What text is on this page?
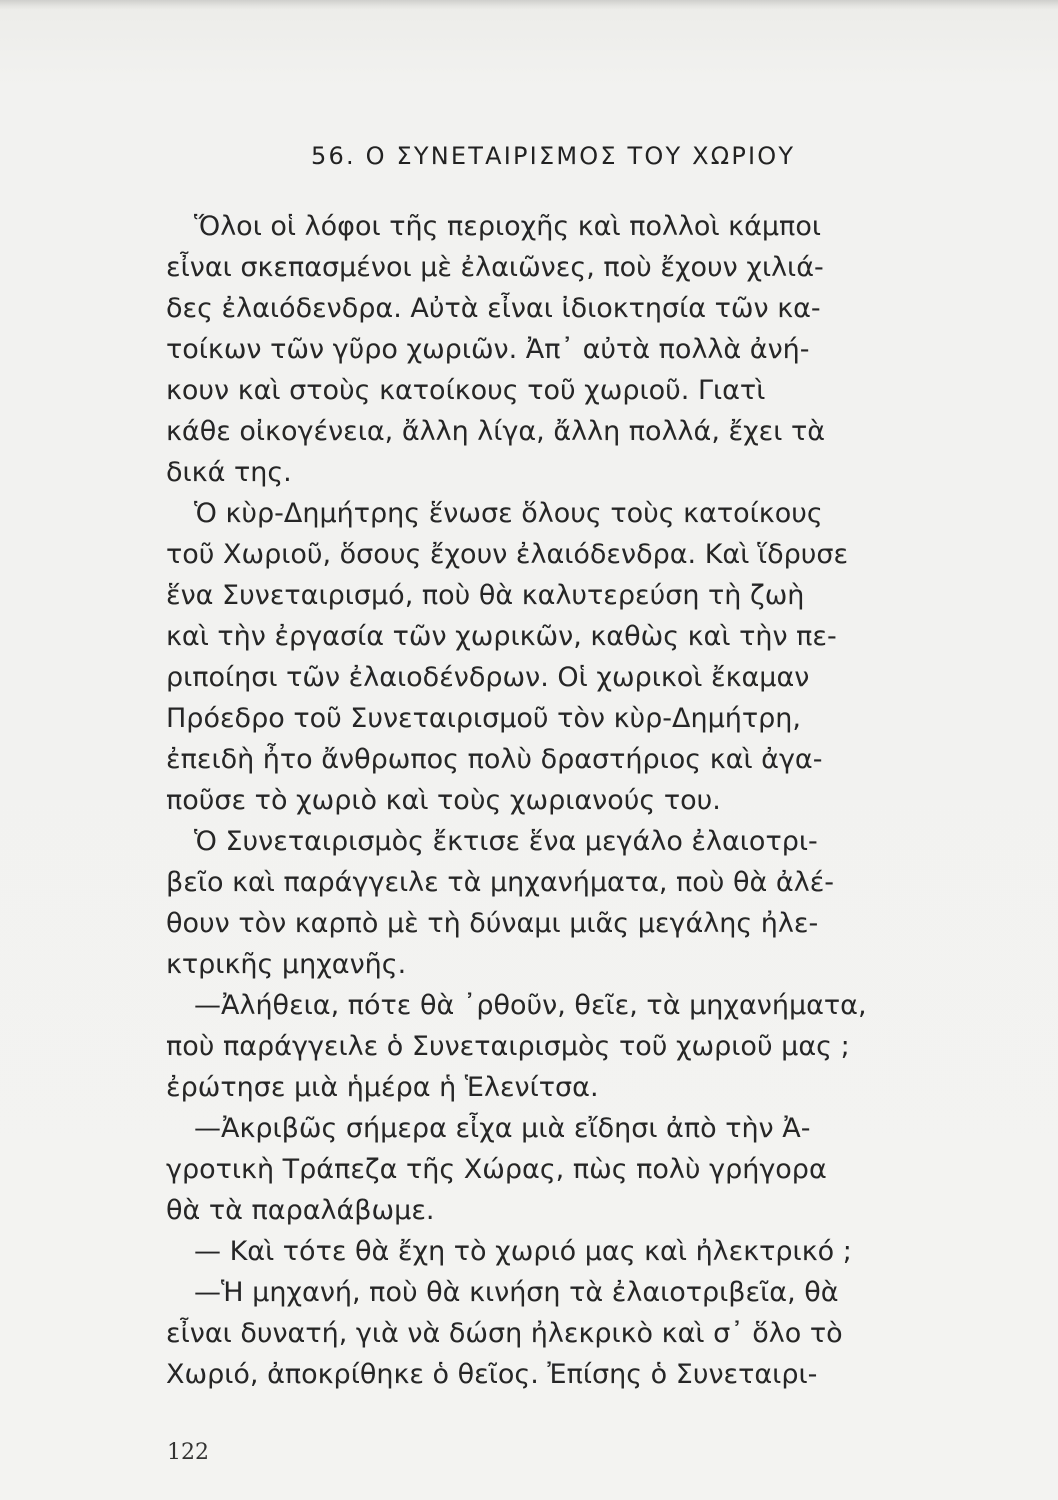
56. Ο ΣΥΝΕΤΑΙΡΙΣΜΟΣ ΤΟΥ ΧΩΡΙΟΥ
Ὅλοι οἱ λόφοι τῆς περιοχῆς καὶ πολλοὶ κάμποι
εἶναι σκεπασμένοι μὲ ἐλαιῶνες, ποὺ ἔχουν χιλιά-
δες ἐλαιόδενδρα. Αὐτὰ εἶναι ἰδιοκτησία τῶν κα-
τοίκων τῶν γῦρο χωριῶν. Ἀπ᾿ αὐτὰ πολλὰ ἀνή-
κουν καὶ στοὺς κατοίκους τοῦ χωριοῦ. Γιατὶ
κάθε οἰκογένεια, ἄλλη λίγα, ἄλλη πολλά, ἔχει τὰ
δικά της.
Ὁ κὺρ-Δημήτρης ἕνωσε ὅλους τοὺς κατοίκους
τοῦ Χωριοῦ, ὅσους ἔχουν ἐλαιόδενδρα. Καὶ ἵδρυσε
ἕνα Συνεταιρισμό, ποὺ θὰ καλυτερεύση τὴ ζωὴ
καὶ τὴν ἐργασία τῶν χωρικῶν, καθὼς καὶ τὴν πε-
ριποίησι τῶν ἐλαιοδένδρων. Οἱ χωρικοὶ ἔκαμαν
Πρόεδρο τοῦ Συνεταιρισμοῦ τὸν κὺρ-Δημήτρη,
ἐπειδὴ ἦτο ἄνθρωπος πολὺ δραστήριος καὶ ἀγα-
ποῦσε τὸ χωριὸ καὶ τοὺς χωριανούς του.
Ὁ Συνεταιρισμὸς ἔκτισε ἕνα μεγάλο ἐλαιοτρι-
βεῖο καὶ παράγγειλε τὰ μηχανήματα, ποὺ θὰ ἀλέ-
θουν τὸν καρπὸ μὲ τὴ δύναμι μιᾶς μεγάλης ἠλε-
κτρικῆς μηχανῆς.
—Ἀλήθεια, πότε θὰ ᾽ρθοῦν, θεῖε, τὰ μηχανήματα,
ποὺ παράγγειλε ὁ Συνεταιρισμὸς τοῦ χωριοῦ μας ;
ἐρώτησε μιὰ ἡμέρα ἡ Ἑλενίτσα.
—Ἀκριβῶς σήμερα εἶχα μιὰ εἴδησι ἀπὸ τὴν Ἀ-
γροτικὴ Τράπεζα τῆς Χώρας, πὼς πολὺ γρήγορα
θὰ τὰ παραλάβωμε.
— Καὶ τότε θὰ ἔχη τὸ χωριό μας καὶ ἠλεκτρικό ;
—Ἡ μηχανή, ποὺ θὰ κινήση τὰ ἐλαιοτριβεῖα, θὰ
εἶναι δυνατή, γιὰ νὰ δώση ἠλεκρικὸ καὶ σ᾿ ὅλο τὸ
Χωριό, ἀποκρίθηκε ὁ θεῖος. Ἐπίσης ὁ Συνεταιρι-
122
